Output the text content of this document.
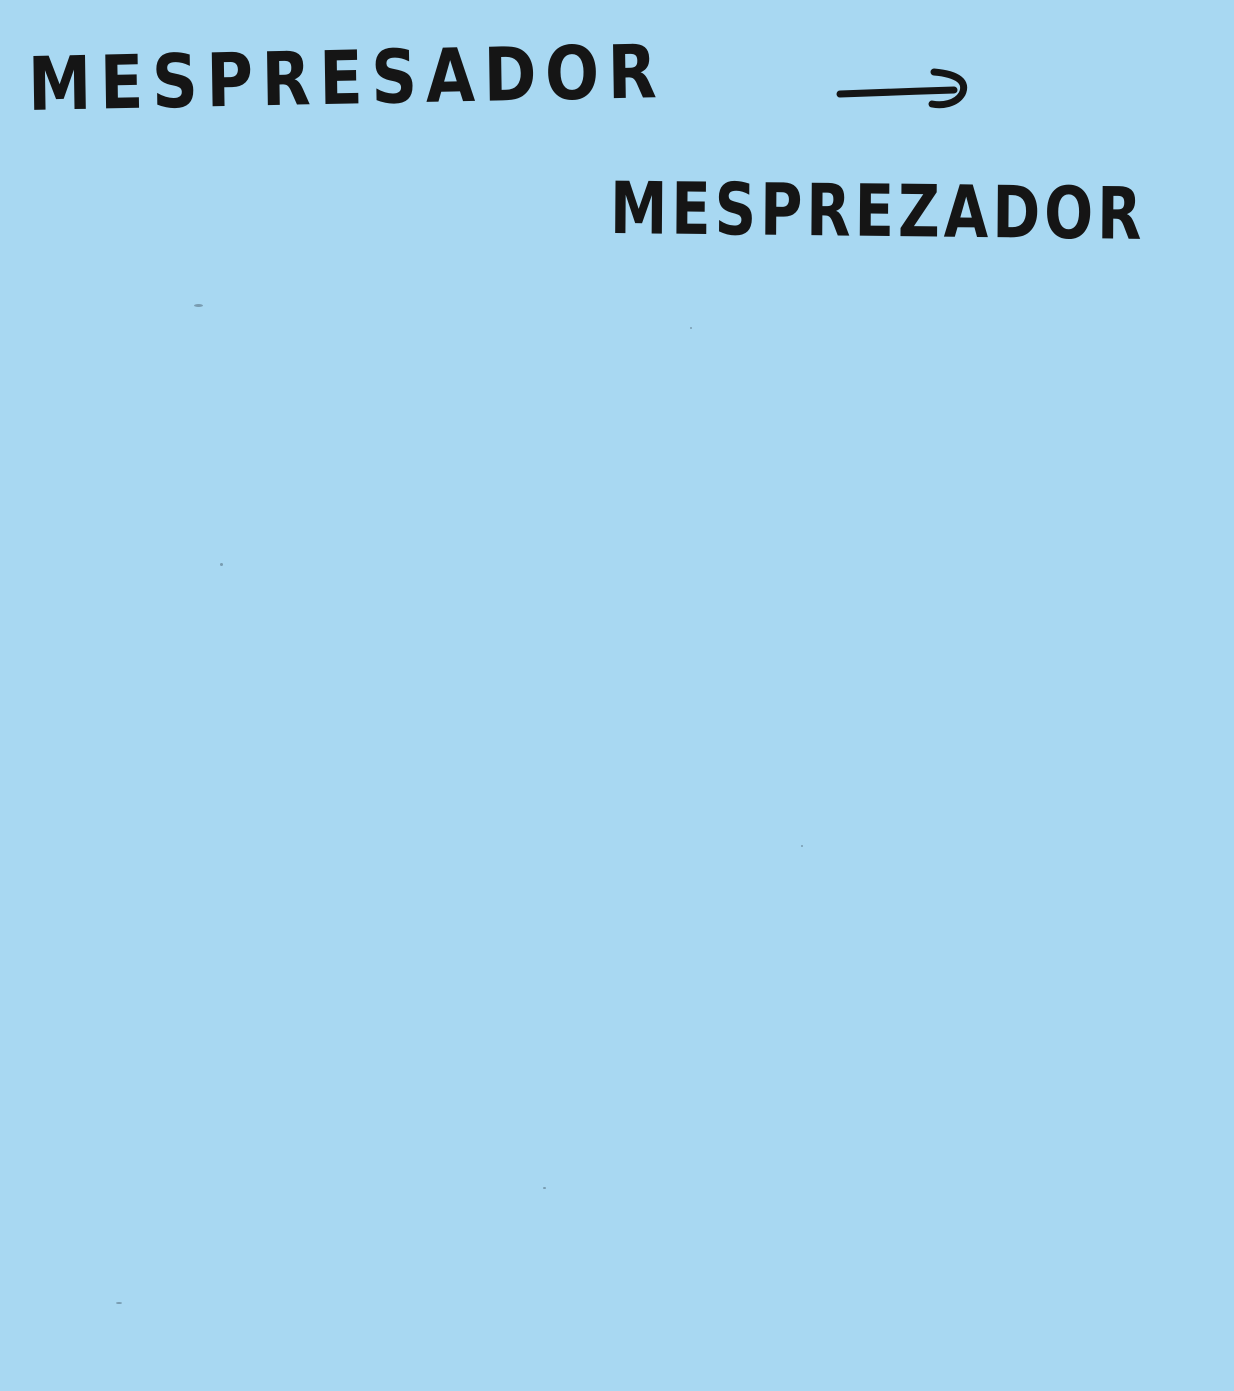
MESPRESADOR
MESPREZADOR
